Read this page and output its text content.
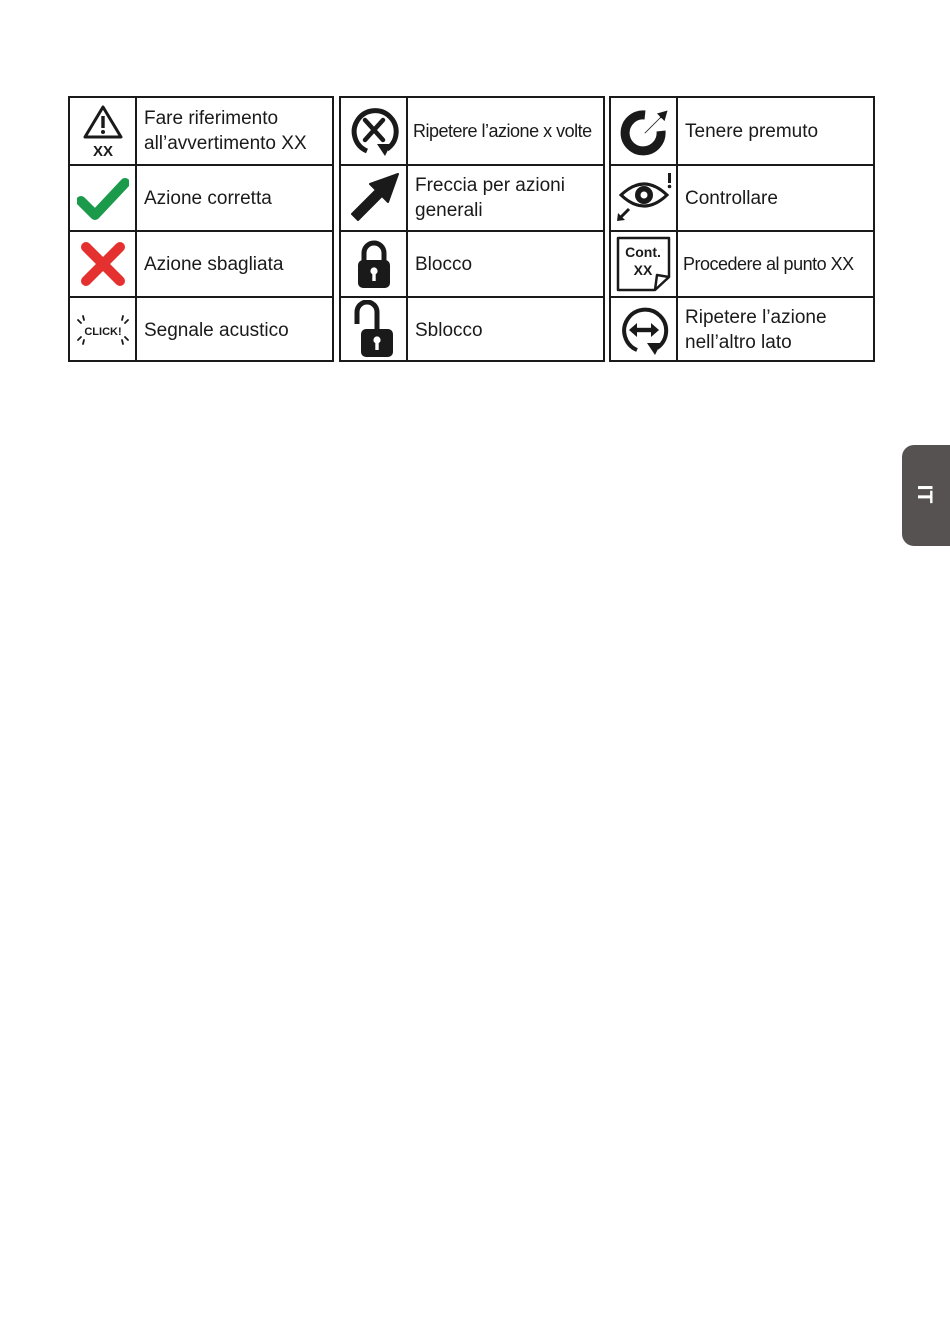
XX
Fare riferimento
all’avvertimento XX
Azione corretta
Azione sbagliata
CLICK! Segnale acustico
Ripetere l’azione x volte
Freccia per azioni
generali
Blocco
Sblocco
Tenere premuto
Controllare
Cont.
XX Procedere al punto XX
Ripetere l’azione
nell’altro lato
IT
